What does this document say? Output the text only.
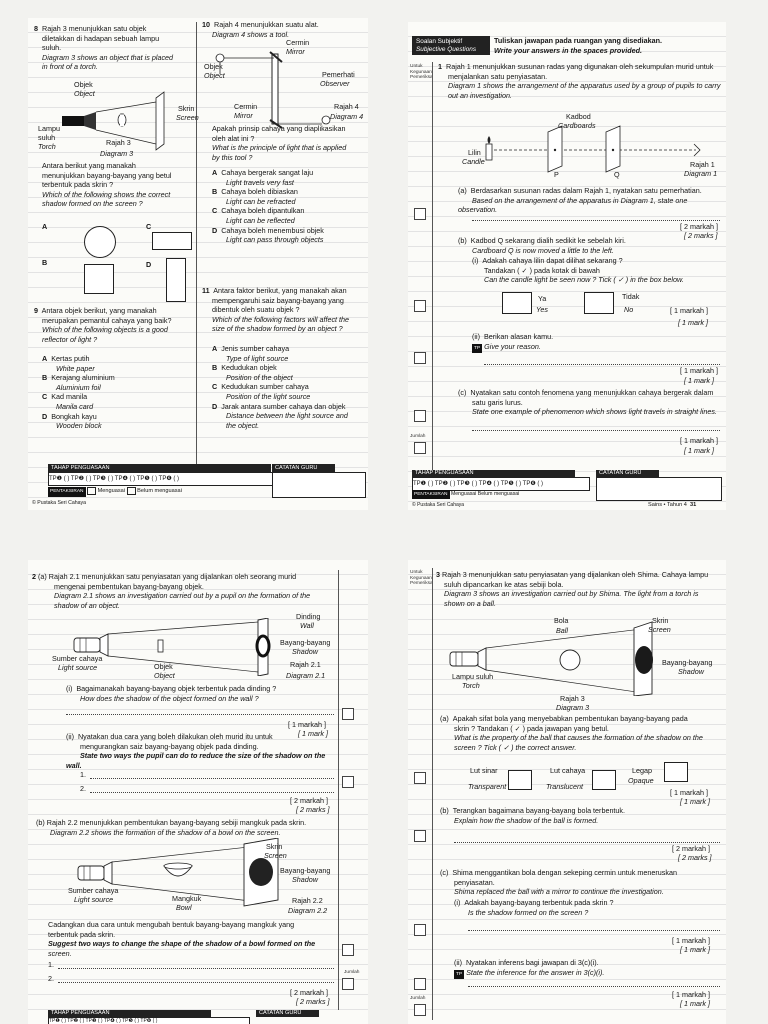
8 Rajah 3 menunjukkan satu objek
diletakkan di hadapan sebuah lampu
suluh.
Diagram 3 shows an object that is placed
in front of a torch.
Objek
Object
Skrin
Screen
Lampu
suluh
Torch	Rajah 3
Diagram 3
Antara berikut yang manakah
menunjukkan bayang-bayang yang betul
terbentuk pada skrin ?
Which of the following shows the correct
shadow formed on the screen ?
A	C
B	D
9 Antara objek berikut, yang manakah
merupakan pemantul cahaya yang baik?
Which of the following objects is a good
reflector of light ?
A Kertas putih
White paper
B Kerajang aluminium
Aluminium foil
C Kad manila
Manila card
D Bongkah kayu
Wooden block
10 Rajah 4 menunjukkan suatu alat.
Diagram 4 shows a tool.
Cermin
Mirror
Objek
Object	Pemerhati
Observer
Cermin
Mirror
Rajah 4
Diagram 4
Apakah prinsip cahaya yang diaplikasikan
oleh alat ini ?
What is the principle of light that is applied
by this tool ?
A Cahaya bergerak sangat laju
Light travels very fast
B Cahaya boleh dibiaskan
Light can be refracted
C Cahaya boleh dipantulkan
Light can be reflected
D Cahaya boleh menembusi objek
Light can pass through objects
11 Antara faktor berikut, yang manakah akan
mempengaruhi saiz bayang-bayang yang
dibentuk oleh suatu objek ?
Which of the following factors will affect the
size of the shadow formed by an object ?
A Jenis sumber cahaya
Type of light source
B Kedudukan objek
Position of the object
C Kedudukan sumber cahaya
Position of the light source
D Jarak antara sumber cahaya dan objek
Distance between the light source and
the object.
TAHAP PENGUASAAN
TP❶ ( ) TP❷ ( ) TP❸ ( ) TP❹ ( ) TP❺ ( ) TP❻ ( )
CATATAN GURU
PENTAKSIRAN	Menguasai Belum menguasai
© Pustaka Seri Cahaya
Soalan Subjektif
Subjective Questions
Tuliskan jawapan pada ruangan yang disediakan.
Write your answers in the spaces provided.
Untuk Kegunaan Pemeriksa
1 Rajah 1 menunjukkan susunan radas yang digunakan oleh sekumpulan murid untuk
menjalankan satu penyiasatan.
Diagram 1 shows the arrangement of the apparatus used by a group of pupils to carry
out an investigation.
Kadbod
Cardboards
Lilin
Candle
P	Q
Rajah 1
Diagram 1
(a) Berdasarkan susunan radas dalam Rajah 1, nyatakan satu pemerhatian.
Based on the arrangement of the apparatus in Diagram 1, state one observation.
[ 2 markah ]
[ 2 marks ]
(b) Kadbod Q sekarang dialih sedikit ke sebelah kiri.
Cardboard Q is now moved a little to the left.
(i) Adakah cahaya lilin dapat dilihat sekarang ?
Tandakan ( ✓ ) pada kotak di bawah
Can the candle light be seen now ? Tick ( ✓ ) in the box below.
Ya
Yes
Tidak
No	[ 1 markah ]
[ 1 mark ]
(ii) Berikan alasan kamu.
TP Give your reason.
[ 1 markah ]
[ 1 mark ]
(c) Nyatakan satu contoh fenomena yang menunjukkan cahaya bergerak dalam
satu garis lurus.
State one example of phenomenon which shows light travels in straight lines.
[ 1 markah ]
[ 1 mark ]
Jumlah
TAHAP PENGUASAAN
TP❶ ( ) TP❷ ( ) TP❸ ( ) TP❹ ( ) TP❺ ( ) TP❻ ( )
CATATAN GURU
PENTAKSIRAN Menguasai Belum menguasai
© Pustaka Seri Cahaya	Sains • Tahun 4 31
2 (a) Rajah 2.1 menunjukkan satu penyiasatan yang dijalankan oleh seorang murid
mengenai pembentukan bayang-bayang objek.
Diagram 2.1 shows an investigation carried out by a pupil on the formation of the
shadow of an object.
Dinding
Wall
Bayang-bayang
Shadow
Sumber cahaya
Light source	Objek
Object
Rajah 2.1
Diagram 2.1
(i) Bagaimanakah bayang-bayang objek terbentuk pada dinding ?
How does the shadow of the object formed on the wall ?
[ 1 markah ]
[ 1 mark ]
(ii) Nyatakan dua cara yang boleh dilakukan oleh murid itu untuk
mengurangkan saiz bayang-bayang objek pada dinding.
State two ways the pupil can do to reduce the size of the shadow on the wall.
1.
2.
[ 2 markah ]
[ 2 marks ]
(b) Rajah 2.2 menunjukkan pembentukan bayang-bayang sebiji mangkuk pada skrin.
Diagram 2.2 shows the formation of the shadow of a bowl on the screen.
Skrin
Screen
Bayang-bayang
Shadow
Sumber cahaya
Light source	Mangkuk
Bowl
Rajah 2.2
Diagram 2.2
Cadangkan dua cara untuk mengubah bentuk bayang-bayang mangkuk yang
terbentuk pada skrin.
Suggest two ways to change the shape of the shadow of a bowl formed on the
screen.
1.
2.
Jumlah
[ 2 markah ]
[ 2 marks ]
TAHAP PENGUASAAN
TP❶ ( ) TP❷ ( ) TP❸ ( ) TP❹ ( ) TP❺ ( ) TP❻ ( )
CATATAN GURU
Untuk Kegunaan Pemeriksa
3 Rajah 3 menunjukkan satu penyiasatan yang dijalankan oleh Shima. Cahaya lampu
suluh dipancarkan ke atas sebiji bola.
Diagram 3 shows an investigation carried out by Shima. The light from a torch is
shown on a ball.
Bola
Ball
Skrin
Screen
Bayang-bayang
Shadow
Lampu suluh
Torch
Rajah 3
Diagram 3
(a) Apakah sifat bola yang menyebabkan pembentukan bayang-bayang pada
skrin ? Tandakan ( ✓ ) pada jawapan yang betul.
What is the property of the ball that causes the formation of the shadow on the
screen ? Tick ( ✓ ) the correct answer.
Lut sinar
Transparent
Lut cahaya
Translucent
Legap
Opaque
[ 1 markah ]
[ 1 mark ]
(b) Terangkan bagaimana bayang-bayang bola terbentuk.
Explain how the shadow of the ball is formed.
[ 2 markah ]
[ 2 marks ]
(c) Shima menggantikan bola dengan sekeping cermin untuk meneruskan
penyiasatan.
Shima replaced the ball with a mirror to continue the investigation.
(i) Adakah bayang-bayang terbentuk pada skrin ?
Is the shadow formed on the screen ?
[ 1 markah ]
[ 1 mark ]
(ii) Nyatakan inferens bagi jawapan di 3(c)(i).
TP State the inference for the answer in 3(c)(i).
[ 1 markah ]
[ 1 mark ]
Jumlah
